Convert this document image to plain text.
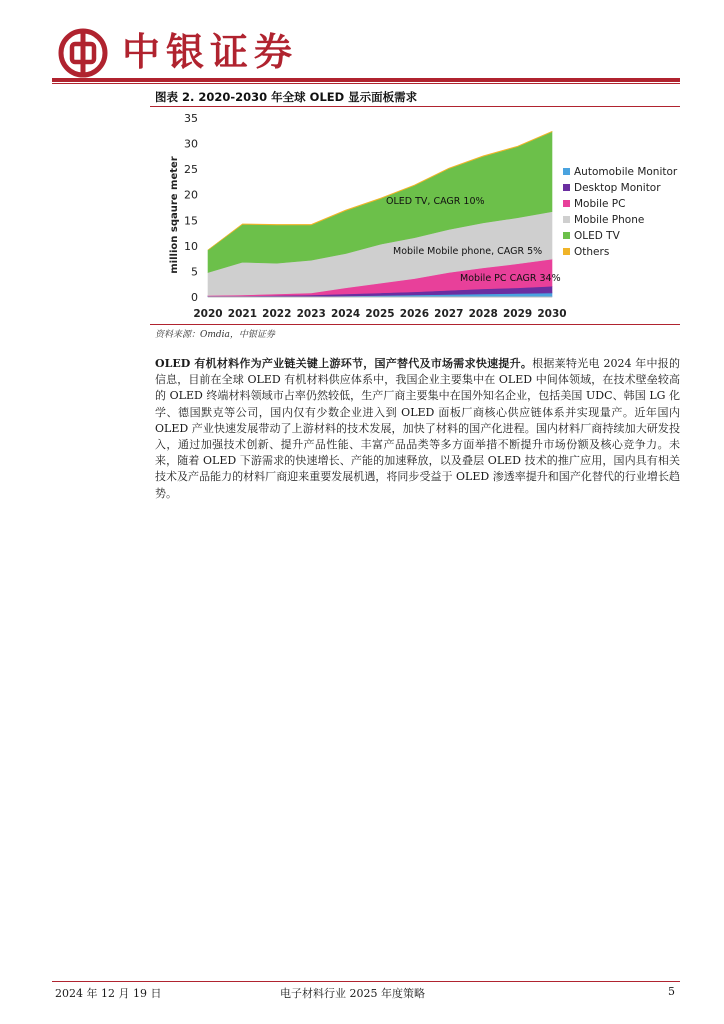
中银证券
图表 2. 2020-2030 年全球 OLED 显示面板需求
0
5
10
15
20
25
30
35
2020 2021 2022 2023 2024 2025 2026 2027 2028 2029 2030
Automobile Monitor
Desktop Monitor
Mobile PC
Mobile Phone
OLED TV
Others
million sqaure meter	OLED TV, CAGR 10%
Mobile Mobile phone, CAGR 5%
Mobile PC CAGR 34%
资料来源：Omdia，中银证券
OLED 有机材料作为产业链关键上游环节，国产替代及市场需求快速提升。根据莱特光电 2024 年中报的信息，目前在全球 OLED 有机材料供应体系中，我国企业主要集中在 OLED 中间体领域，在技术壁垒较高的 OLED 终端材料领域市占率仍然较低，生产厂商主要集中在国外知名企业，包括美国 UDC、韩国 LG 化学、德国默克等公司，国内仅有少数企业进入到 OLED 面板厂商核心供应链体系并实现量产。近年国内 OLED 产业快速发展带动了上游材料的技术发展，加快了材料的国产化进程。国内材料厂商持续加大研发投入，通过加强技术创新、提升产品性能、丰富产品品类等多方面举措不断提升市场份额及核心竞争力。未来，随着 OLED 下游需求的快速增长、产能的加速释放，以及叠层 OLED 技术的推广应用，国内具有相关技术及产品能力的材料厂商迎来重要发展机遇，将同步受益于 OLED 渗透率提升和国产化替代的行业增长趋势。
2024 年 12 月 19 日	电子材料行业 2025 年度策略	5
